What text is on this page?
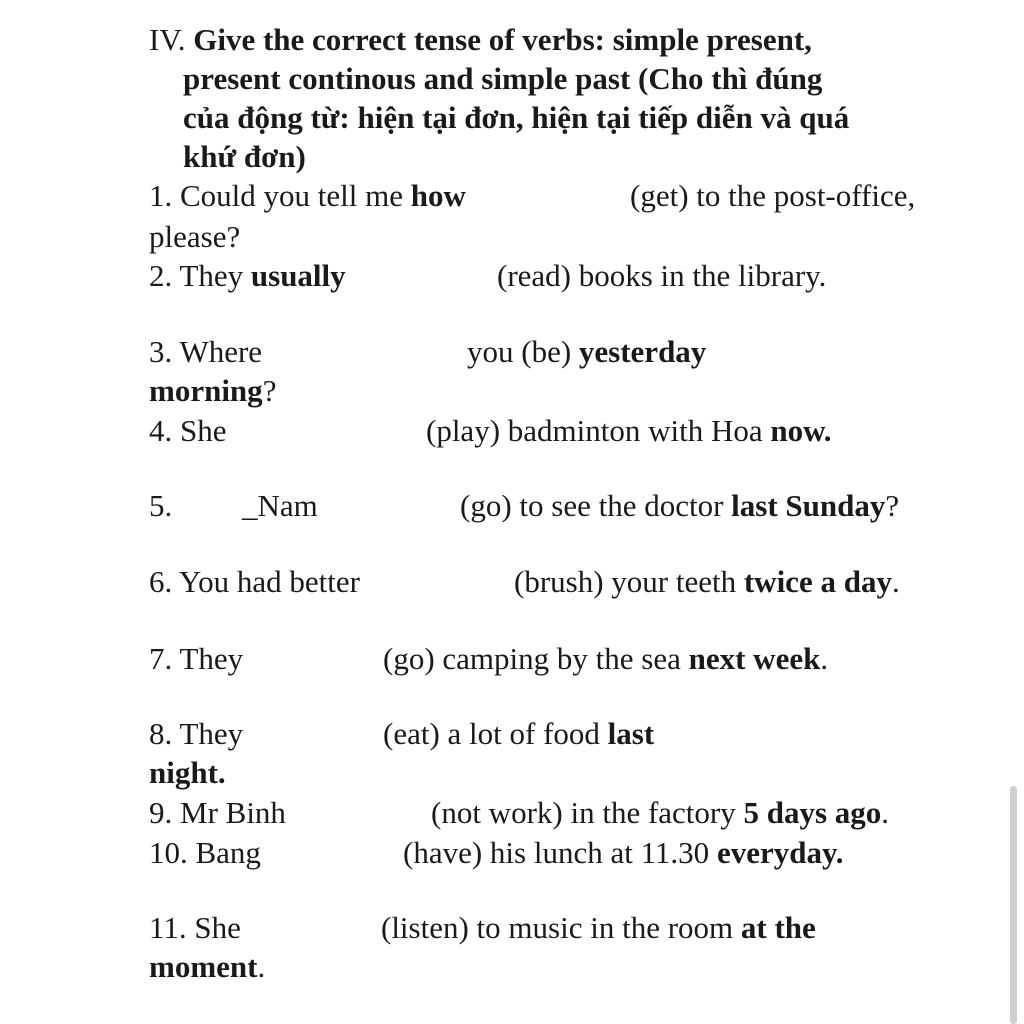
IV. Give the correct tense of verbs: simple present,
present continous and simple past (Cho thì đúng
của động từ: hiện tại đơn, hiện tại tiếp diễn và quá
khứ đơn)
1. Could you tell me how	(get) to the post-office,
please?
2. They usually	(read) books in the library.
3. Where	you (be) yesterday
morning?
4. She	(play) badminton with Hoa now.
5. _Nam	(go) to see the doctor last Sunday?
6. You had better	(brush) your teeth twice a day.
7. They	(go) camping by the sea next week.
8. They	(eat) a lot of food last
night.
9. Mr Binh	(not work) in the factory 5 days ago.
10. Bang	(have) his lunch at 11.30 everyday.
11. She	(listen) to music in the room at the
moment.
